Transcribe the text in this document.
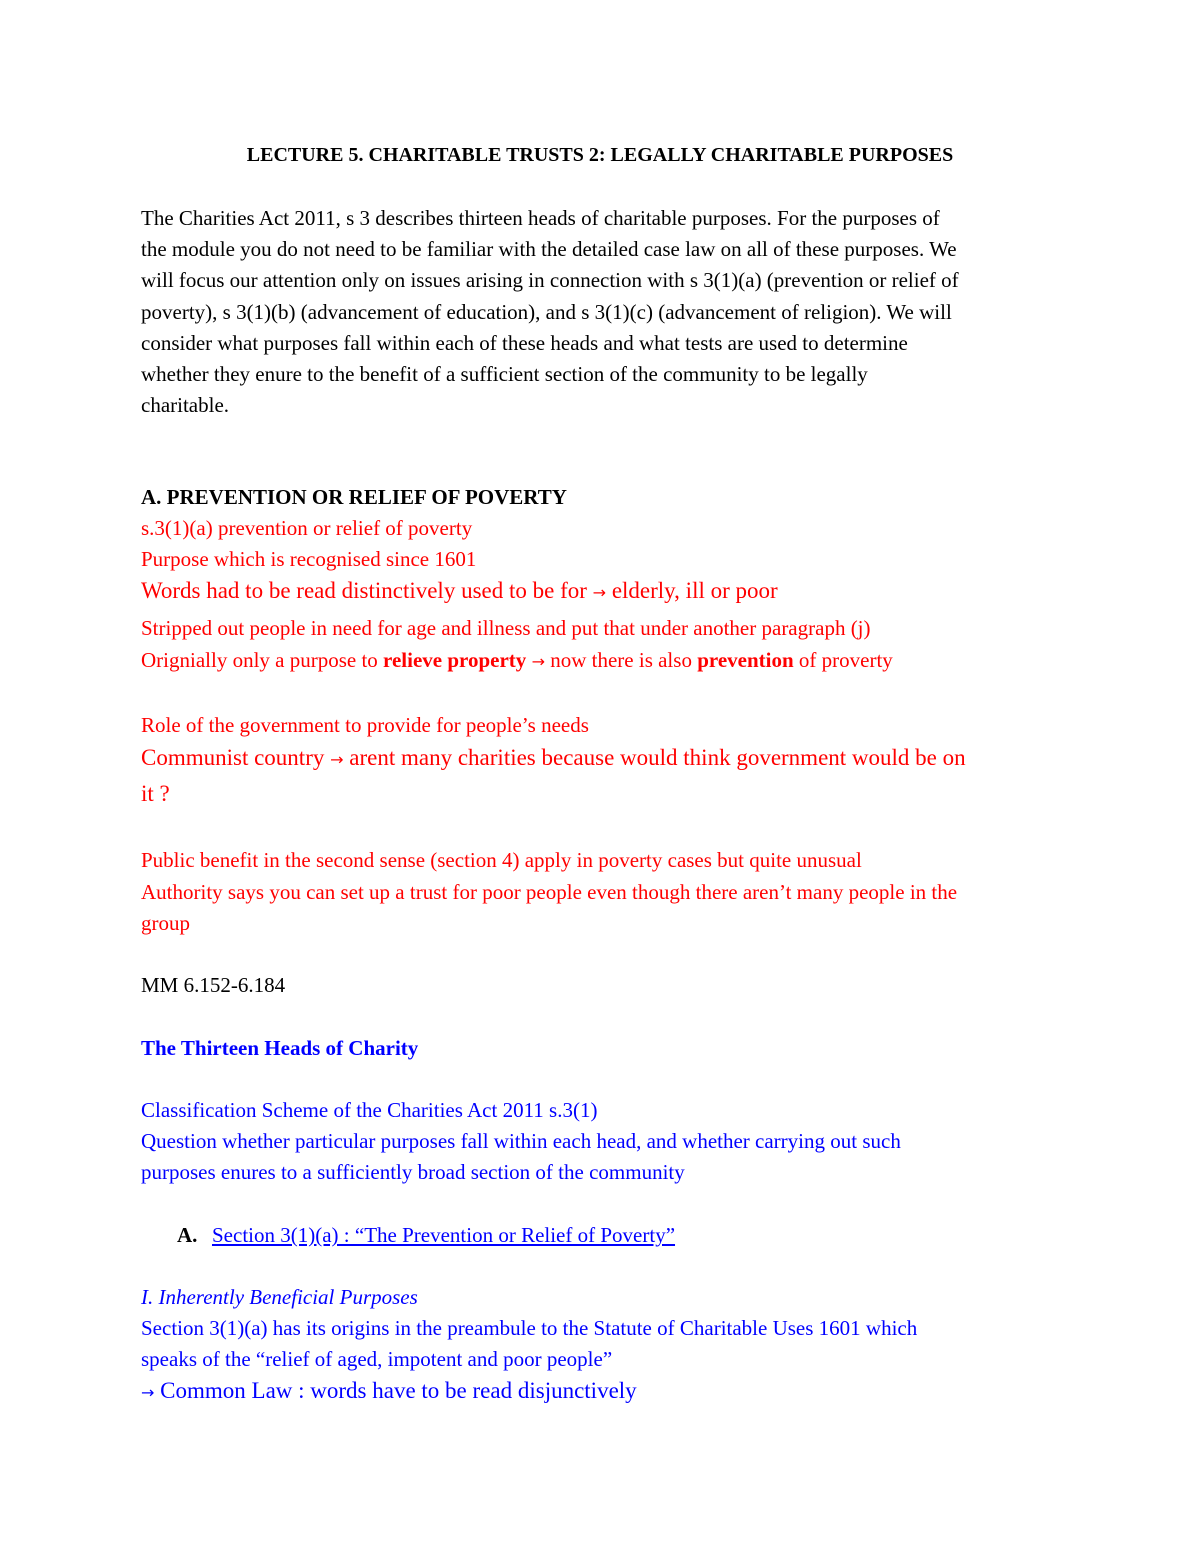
LECTURE 5. CHARITABLE TRUSTS 2: LEGALLY CHARITABLE PURPOSES
The Charities Act 2011, s 3 describes thirteen heads of charitable purposes. For the purposes of
the module you do not need to be familiar with the detailed case law on all of these purposes. We
will focus our attention only on issues arising in connection with s 3(1)(a) (prevention or relief of
poverty), s 3(1)(b) (advancement of education), and s 3(1)(c) (advancement of religion). We will
consider what purposes fall within each of these heads and what tests are used to determine
whether they enure to the benefit of a sufficient section of the community to be legally
charitable.
A. PREVENTION OR RELIEF OF POVERTY
s.3(1)(a) prevention or relief of poverty
Purpose which is recognised since 1601
Words had to be read distinctively used to be for → elderly, ill or poor
Stripped out people in need for age and illness and put that under another paragraph (j)
Orignially only a purpose to relieve property → now there is also prevention of proverty
Role of the government to provide for people’s needs
Communist country → arent many charities because would think government would be on
it ?
Public benefit in the second sense (section 4) apply in poverty cases but quite unusual
Authority says you can set up a trust for poor people even though there aren’t many people in the
group
MM 6.152-6.184
The Thirteen Heads of Charity
Classification Scheme of the Charities Act 2011 s.3(1)
Question whether particular purposes fall within each head, and whether carrying out such
purposes enures to a sufficiently broad section of the community
A. Section 3(1)(a) : “The Prevention or Relief of Poverty”
I. Inherently Beneficial Purposes
Section 3(1)(a) has its origins in the preambule to the Statute of Charitable Uses 1601 which
speaks of the “relief of aged, impotent and poor people”
→ Common Law : words have to be read disjunctively
